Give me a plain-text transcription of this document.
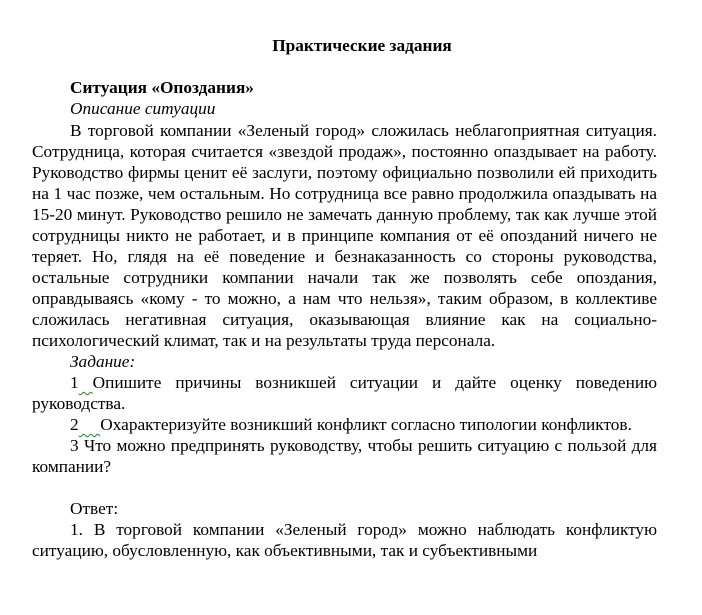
Практические задания
Ситуация «Опоздания»
Описание ситуации

В торговой компании «Зеленый город» сложилась неблагоприятная ситуация. Сотрудница, которая считается «звездой продаж», постоянно опаздывает на работу. Руководство фирмы ценит её заслуги, поэтому официально позволили ей приходить на 1 час позже, чем остальным. Но сотрудница все равно продолжила опаздывать на 15-20 минут. Руководство решило не замечать данную проблему, так как лучше этой сотрудницы никто не работает, и в принципе компания от её опозданий ничего не теряет. Но, глядя на её поведение и безнаказанность со стороны руководства, остальные сотрудники компании начали так же позволять себе опоздания, оправдываясь «кому - то можно, а нам что нельзя», таким образом, в коллективе сложилась негативная ситуация, оказывающая влияние как на социально-психологический климат, так и на результаты труда персонала.

Задание:

1 Опишите причины возникшей ситуации и дайте оценку поведению руководства.

2 Охарактеризуйте возникший конфликт согласно типологии конфликтов.

3 Что можно предпринять руководству, чтобы решить ситуацию с пользой для компании?

Ответ:

1. В торговой компании «Зеленый город» можно наблюдать конфликтую ситуацию, обусловленную, как объективными, так и субъективными
